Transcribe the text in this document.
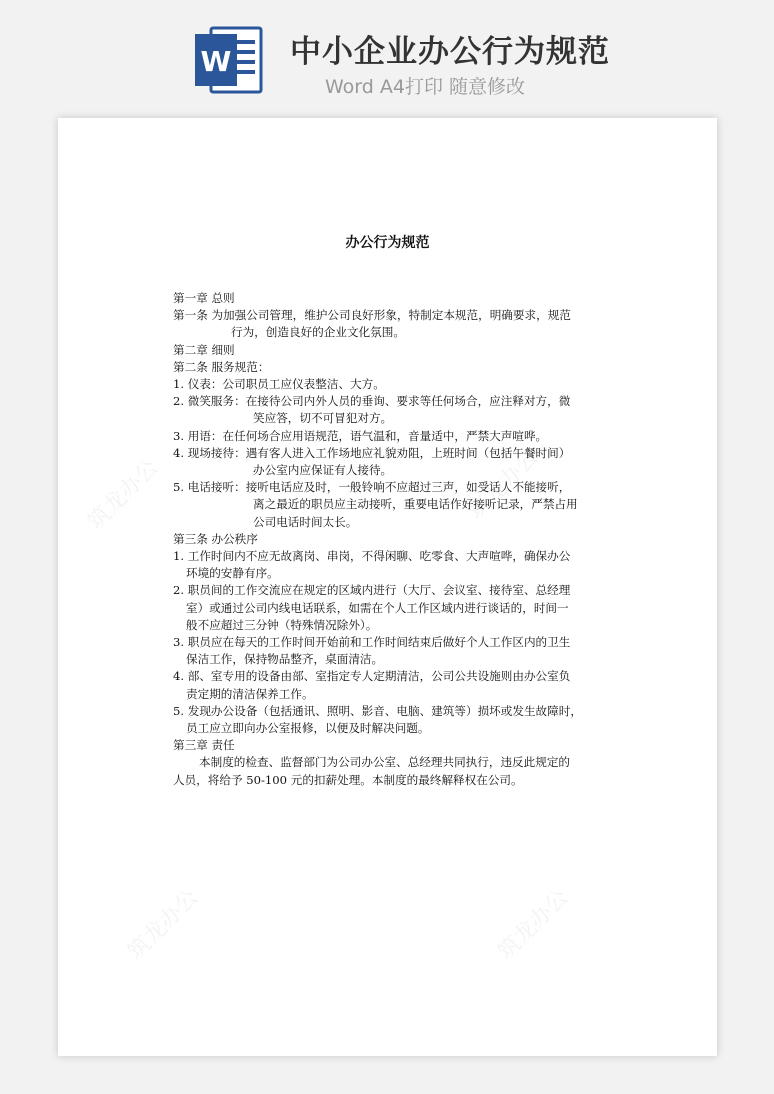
W 中小企业办公行为规范
Word A4打印 随意修改
筑龙办公	筑龙办公
筑龙办公	筑龙办公
办公行为规范
第一章 总则
第一条 为加强公司管理，维护公司良好形象，特制定本规范，明确要求，规范
行为，创造良好的企业文化氛围。
第二章 细则
第二条 服务规范：
1. 仪表：公司职员工应仪表整洁、大方。
2. 微笑服务：在接待公司内外人员的垂询、要求等任何场合，应注释对方，微
笑应答，切不可冒犯对方。
3. 用语：在任何场合应用语规范，语气温和，音量适中，严禁大声喧哗。
4. 现场接待：遇有客人进入工作场地应礼貌劝阻，上班时间（包括午餐时间）
办公室内应保证有人接待。
5. 电话接听：接听电话应及时，一般铃响不应超过三声，如受话人不能接听，
离之最近的职员应主动接听，重要电话作好接听记录，严禁占用
公司电话时间太长。
第三条 办公秩序
1. 工作时间内不应无故离岗、串岗，不得闲聊、吃零食、大声喧哗，确保办公
环境的安静有序。
2. 职员间的工作交流应在规定的区域内进行（大厅、会议室、接待室、总经理
室）或通过公司内线电话联系，如需在个人工作区域内进行谈话的，时间一
般不应超过三分钟（特殊情况除外）。
3. 职员应在每天的工作时间开始前和工作时间结束后做好个人工作区内的卫生
保洁工作，保持物品整齐，桌面清洁。
4. 部、室专用的设备由部、室指定专人定期清洁，公司公共设施则由办公室负
责定期的清洁保养工作。
5. 发现办公设备（包括通讯、照明、影音、电脑、建筑等）损坏或发生故障时，
员工应立即向办公室报修，以便及时解决问题。
第三章 责任
本制度的检查、监督部门为公司办公室、总经理共同执行，违反此规定的
人员，将给予 50-100 元的扣薪处理。本制度的最终解释权在公司。
